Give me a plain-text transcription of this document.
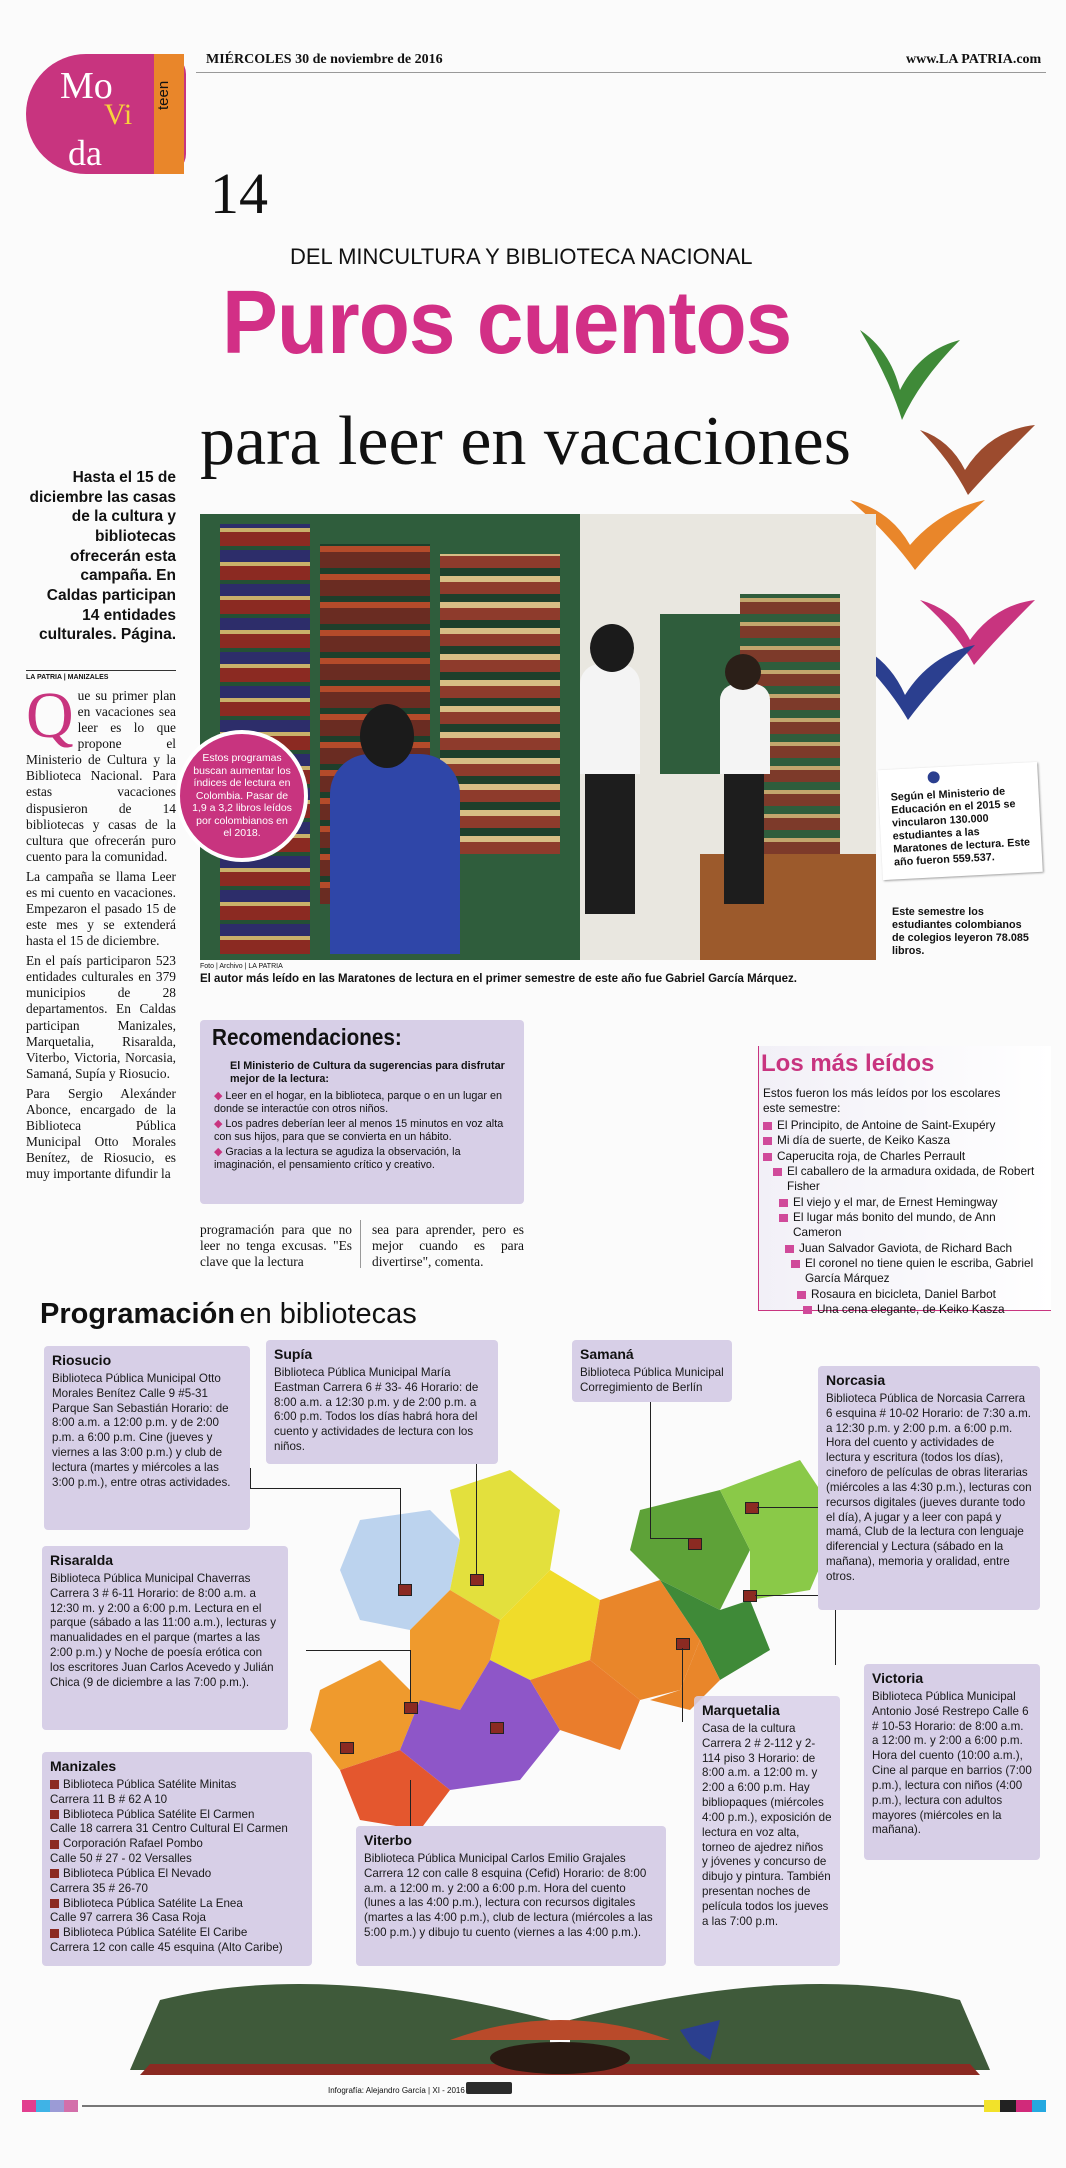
Mo
Vi
da
teen
MIÉRCOLES 30 de noviembre de 2016	www.LA PATRIA.com
14
DEL MINCULTURA Y BIBLIOTECA NACIONAL
Puros cuentos
para leer en vacaciones
Hasta el 15 de diciembre las casas de la cultura y bibliotecas ofrecerán esta campaña. En Caldas participan 14 entidades culturales. Página.
LA PATRIA | MANIZALES

Que su primer plan en vacaciones sea leer es lo que propone el Ministerio de Cultura y la Biblioteca Nacional. Para estas vacaciones dispusieron de 14 bibliotecas y casas de la cultura que ofrecerán puro cuento para la comunidad.

La campaña se llama Leer es mi cuento en vacaciones. Empezaron el pasado 15 de este mes y se extenderá hasta el 15 de diciembre.

En el país participaron 523 entidades culturales en 379 municipios de 28 departamentos. En Caldas participan Manizales, Marquetalia, Risaralda, Viterbo, Victoria, Norcasia, Samaná, Supía y Riosucio.

Para Sergio Alexánder Abonce, encargado de la Biblioteca Pública Municipal Otto Morales Benítez, de Riosucio, es muy importante difundir la

Estos programas buscan aumentar los índices de lectura en Colombia. Pasar de 1,9 a 3,2 libros leídos por colombianos en el 2018.
Según el Ministerio de Educación en el 2015 se vincularon 130.000 estudiantes a las Maratones de lectura. Este año fueron 559.537.
Este semestre los estudiantes colombianos de colegios leyeron 78.085 libros.
Foto | Archivo | LA PATRIA
El autor más leído en las Maratones de lectura en el primer semestre de este año fue Gabriel García Márquez.
Recomendaciones:
El Ministerio de Cultura da sugerencias para disfrutar mejor de la lectura:
◆ Leer en el hogar, en la biblioteca, parque o en un lugar en donde se interactúe con otros niños.
◆ Los padres deberían leer al menos 15 minutos en voz alta con sus hijos, para que se convierta en un hábito.
◆ Gracias a la lectura se agudiza la observación, la imaginación, el pensamiento crítico y creativo.
programación para que no leer no tenga excusas. "Es clave que la lectura
sea para aprender, pero es mejor cuando es para divertirse", comenta.
Los más leídos
Estos fueron los más leídos por los escolares este semestre:
El Principito, de Antoine de Saint-Exupéry
Mi día de suerte, de Keiko Kasza
Caperucita roja, de Charles Perrault
El caballero de la armadura oxidada, de Robert Fisher
El viejo y el mar, de Ernest Hemingway
El lugar más bonito del mundo, de Ann Cameron
Juan Salvador Gaviota, de Richard Bach
El coronel no tiene quien le escriba, Gabriel García Márquez
Rosaura en bicicleta, Daniel Barbot
Una cena elegante, de Keiko Kasza
Programación en bibliotecas
Riosucio

Biblioteca Pública Municipal Otto Morales Benítez Calle 9 #5-31 Parque San Sebastián Horario: de 8:00 a.m. a 12:00 p.m. y de 2:00 p.m. a 6:00 p.m. Cine (jueves y viernes a las 3:00 p.m.) y club de lectura (martes y miércoles a las 3:00 p.m.), entre otras actividades.

Supía

Biblioteca Pública Municipal María Eastman Carrera 6 # 33- 46 Horario: de 8:00 a.m. a 12:30 p.m. y de 2:00 p.m. a 6:00 p.m. Todos los días habrá hora del cuento y actividades de lectura con los niños.

Samaná

Biblioteca Pública Municipal Corregimiento de Berlín	Norcasia

Biblioteca Pública de Norcasia Carrera 6 esquina # 10-02 Horario: de 7:30 a.m. a 12:30 p.m. y 2:00 p.m. a 6:00 p.m. Hora del cuento y actividades de lectura y escritura (todos los días), cineforo de películas de obras literarias (miércoles a las 4:30 p.m.), lecturas con recursos digitales (jueves durante todo el día), A jugar y a leer con papá y mamá, Club de la lectura con lenguaje diferencial y Lectura (sábado en la mañana), memoria y oralidad, entre otros.

Risaralda

Biblioteca Pública Municipal Chaverras Carrera 3 # 6-11 Horario: de 8:00 a.m. a 12:30 m. y 2:00 a 6:00 p.m. Lectura en el parque (sábado a las 11:00 a.m.), lecturas y manualidades en el parque (martes a las 2:00 p.m.) y Noche de poesía erótica con los escritores Juan Carlos Acevedo y Julián Chica (9 de diciembre a las 7:00 p.m.).	Victoria

Biblioteca Pública Municipal Antonio José Restrepo Calle 6 # 10-53 Horario: de 8:00 a.m. a 12:00 m. y 2:00 a 6:00 p.m. Hora del cuento (10:00 a.m.), Cine al parque en barrios (7:00 p.m.), lectura con niños (4:00 p.m.), lectura con adultos mayores (miércoles en la mañana).

Marquetalia

Casa de la cultura Carrera 2 # 2-112 y 2-114 piso 3 Horario: de 8:00 a.m. a 12:00 m. y 2:00 a 6:00 p.m. Hay bibliopaques (miércoles 4:00 p.m.), exposición de lectura en voz alta, torneo de ajedrez niños y jóvenes y concurso de dibujo y pintura. También presentan noches de película todos los jueves a las 7:00 p.m.

Manizales

Biblioteca Pública Satélite Minitas

Carrera 11 B # 62 A 10

Biblioteca Pública Satélite El Carmen

Calle 18 carrera 31 Centro Cultural El Carmen

Corporación Rafael Pombo

Calle 50 # 27 - 02 Versalles

Biblioteca Pública El Nevado

Carrera 35 # 26-70

Biblioteca Pública Satélite La Enea

Calle 97 carrera 36 Casa Roja

Biblioteca Pública Satélite El Caribe

Carrera 12 con calle 45 esquina (Alto Caribe)

Viterbo

Biblioteca Pública Municipal Carlos Emilio Grajales Carrera 12 con calle 8 esquina (Cefid) Horario: de 8:00 a.m. a 12:00 m. y 2:00 a 6:00 p.m. Hora del cuento (lunes a las 4:00 p.m.), lectura con recursos digitales (martes a las 4:00 p.m.), club de lectura (miércoles a las 5:00 p.m.) y dibujo tu cuento (viernes a las 4:00 p.m.).

Infografía: Alejandro García | XI - 2016
